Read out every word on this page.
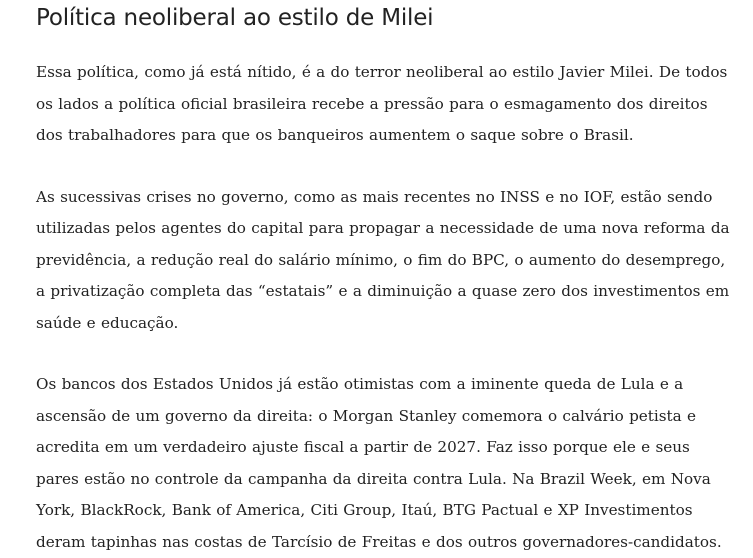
Política neoliberal ao estilo de Milei

Essa política, como já está nítido, é a do terror neoliberal ao estilo Javier Milei. De todos os lados a política oficial brasileira recebe a pressão para o esmagamento dos direitos dos trabalhadores para que os banqueiros aumentem o saque sobre o Brasil.

As sucessivas crises no governo, como as mais recentes no INSS e no IOF, estão sendo utilizadas pelos agentes do capital para propagar a necessidade de uma nova reforma da previdência, a redução real do salário mínimo, o fim do BPC, o aumento do desemprego, a privatização completa das “estatais” e a diminuição a quase zero dos investimentos em saúde e educação.

Os bancos dos Estados Unidos já estão otimistas com a iminente queda de Lula e a ascensão de um governo da direita: o Morgan Stanley comemora o calvário petista e acredita em um verdadeiro ajuste fiscal a partir de 2027. Faz isso porque ele e seus pares estão no controle da campanha da direita contra Lula. Na Brazil Week, em Nova York, BlackRock, Bank of America, Citi Group, Itaú, BTG Pactual e XP Investimentos deram tapinhas nas costas de Tarcísio de Freitas e dos outros governadores-candidatos.
